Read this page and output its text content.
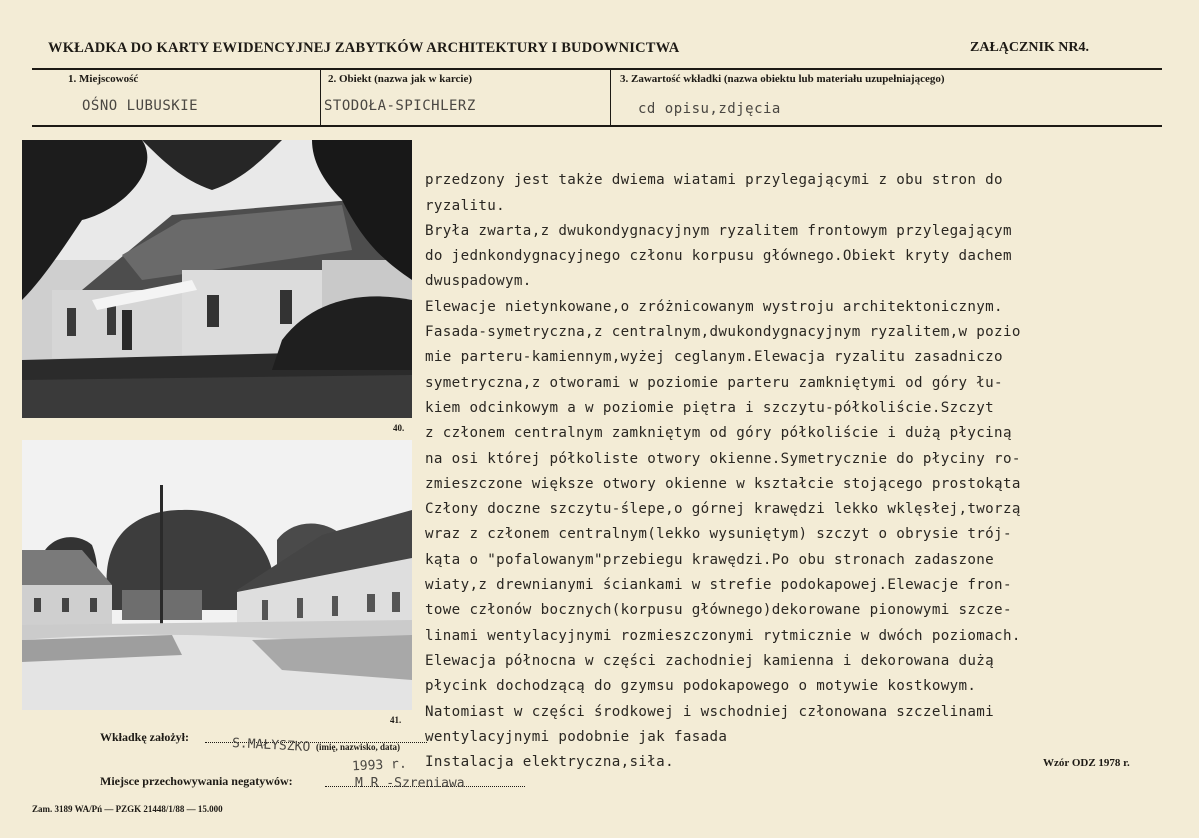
WKŁADKA DO KARTY EWIDENCYJNEJ ZABYTKÓW ARCHITEKTURY I BUDOWNICTWA	ZAŁĄCZNIK NR4.
1. Miejscowość
OŚNO LUBUSKIE
2. Obiekt (nazwa jak w karcie)
STODOŁA-SPICHLERZ
3. Zawartość wkładki (nazwa obiektu lub materiału uzupełniającego)
cd opisu,zdjęcia
40.
41.

przedzony jest także dwiema wiatami przylegającymi z obu stron do
ryzalitu.
Bryła zwarta,z dwukondygnacyjnym ryzalitem frontowym przylegającym
do jednkondygnacyjnego członu korpusu głównego.Obiekt kryty dachem
dwuspadowym.
Elewacje nietynkowane,o zróżnicowanym wystroju architektonicznym.
Fasada-symetryczna,z centralnym,dwukondygnacyjnym ryzalitem,w pozio
mie parteru-kamiennym,wyżej ceglanym.Elewacja ryzalitu zasadniczo
symetryczna,z otworami w poziomie parteru zamkniętymi od góry łu-
kiem odcinkowym a w poziomie piętra i szczytu-półkoliście.Szczyt
z członem centralnym zamkniętym od góry półkoliście i dużą płyciną
na osi której półkoliste otwory okienne.Symetrycznie do płyciny ro-
zmieszczone większe otwory okienne w kształcie stojącego prostokąta
Człony doczne szczytu-ślepe,o górnej krawędzi lekko wklęsłej,tworzą
wraz z członem centralnym(lekko wysuniętym) szczyt o obrysie trój-
kąta o "pofalowanym"przebiegu krawędzi.Po obu stronach zadaszone
wiaty,z drewnianymi ściankami w strefie podokapowej.Elewacje fron-
towe członów bocznych(korpusu głównego)dekorowane pionowymi szcze-
linami wentylacyjnymi rozmieszczonymi rytmicznie w dwóch poziomach.
Elewacja północna w części zachodniej kamienna i dekorowana dużą
płycink dochodzącą do gzymsu podokapowego o motywie kostkowym.
Natomiast w części środkowej i wschodniej członowana szczelinami
wentylacyjnymi podobnie jak fasada
Instalacja elektryczna,siła.

Wkładkę założył:	S.MAŁYSZKO (imię, nazwisko, data)
1993 r.
Miejsce przechowywania negatywów:	M R -Szreniawa
Wzór ODZ 1978 r.
Zam. 3189 WA/Pń — PZGK 21448/1/88 — 15.000
